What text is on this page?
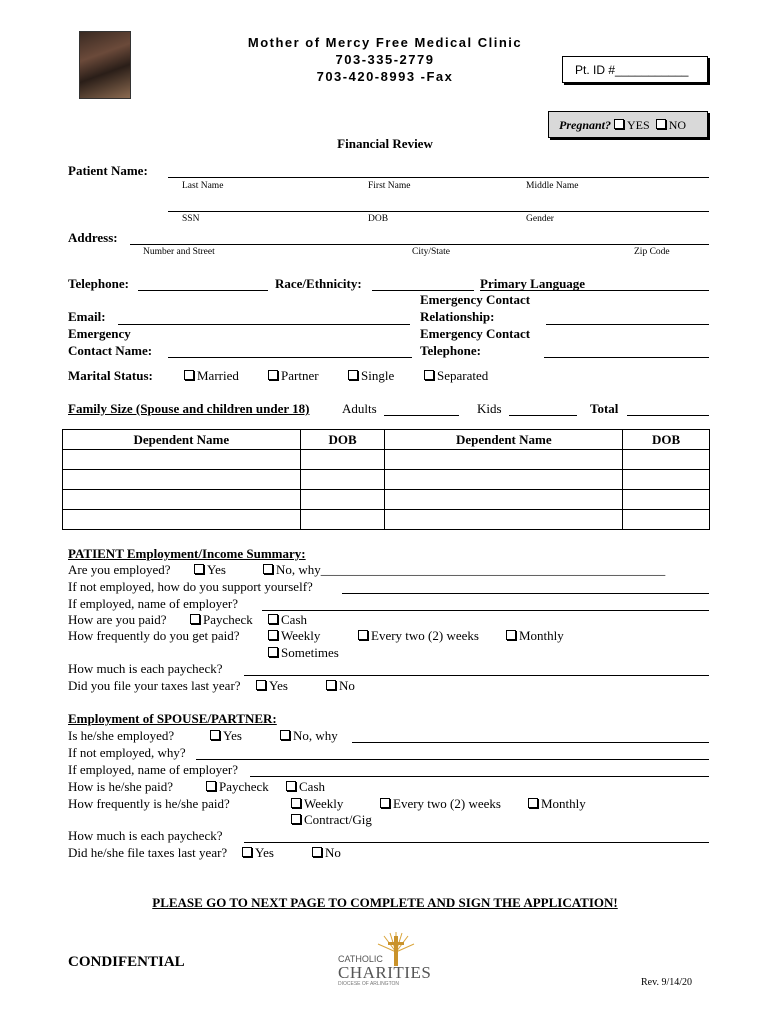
Mother of Mercy Free Medical Clinic
703-335-2779
703-420-8993 -Fax	Pt. ID #___________
Pregnant? YES NO
Financial Review
Patient Name:
Last Name	First Name	Middle Name
SSN	DOB	Gender
Address:
Number and Street	City/State	Zip Code
Telephone:	Race/Ethnicity:	Primary Language
Emergency Contact
Relationship:
Email:
Emergency
Contact Name:
Emergency Contact
Telephone:
Marital Status:	Married	Partner	Single	Separated
Family Size (Spouse and children under 18)	Adults	Kids	Total
Dependent Name	DOB	Dependent Name	DOB

PATIENT Employment/Income Summary:
Are you employed?	Yes	No, why_____________________________________________________
If not employed, how do you support yourself?
If employed, name of employer?
How are you paid?	Paycheck	Cash
How frequently do you get paid?	Weekly	Every two (2) weeks	Monthly
Sometimes
How much is each paycheck?
Did you file your taxes last year?	Yes	No
Employment of SPOUSE/PARTNER:
Is he/she employed?	Yes	No, why
If not employed, why?
If employed, name of employer?
How is he/she paid?	Paycheck	Cash
How frequently is he/she paid?	Weekly	Every two (2) weeks	Monthly
Contract/Gig
How much is each paycheck?
Did he/she file taxes last year?	Yes	No
PLEASE GO TO NEXT PAGE TO COMPLETE AND SIGN THE APPLICATION!
CONDIFENTIAL	CATHOLIC
CHARITIES
DIOCESE OF ARLINGTON	Rev. 9/14/20
